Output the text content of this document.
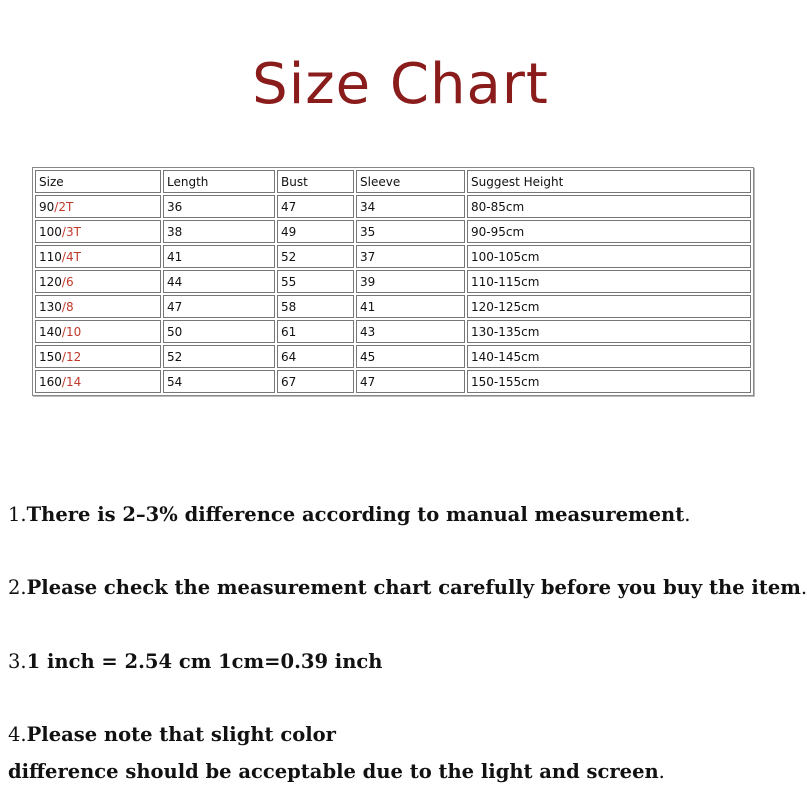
Size Chart
Size	Length	Bust	Sleeve	Suggest Height
90/2T	36	47	34	80-85cm
100/3T	38	49	35	90-95cm
110/4T	41	52	37	100-105cm
120/6	44	55	39	110-115cm
130/8	47	58	41	120-125cm
140/10	50	61	43	130-135cm
150/12	52	64	45	140-145cm
160/14	54	67	47	150-155cm

1.There is 2–3% difference according to manual measurement.

2.Please check the measurement chart carefully before you buy the item.

3.1 inch = 2.54 cm 1cm=0.39 inch

4.Please note that slight color

difference should be acceptable due to the light and screen.
